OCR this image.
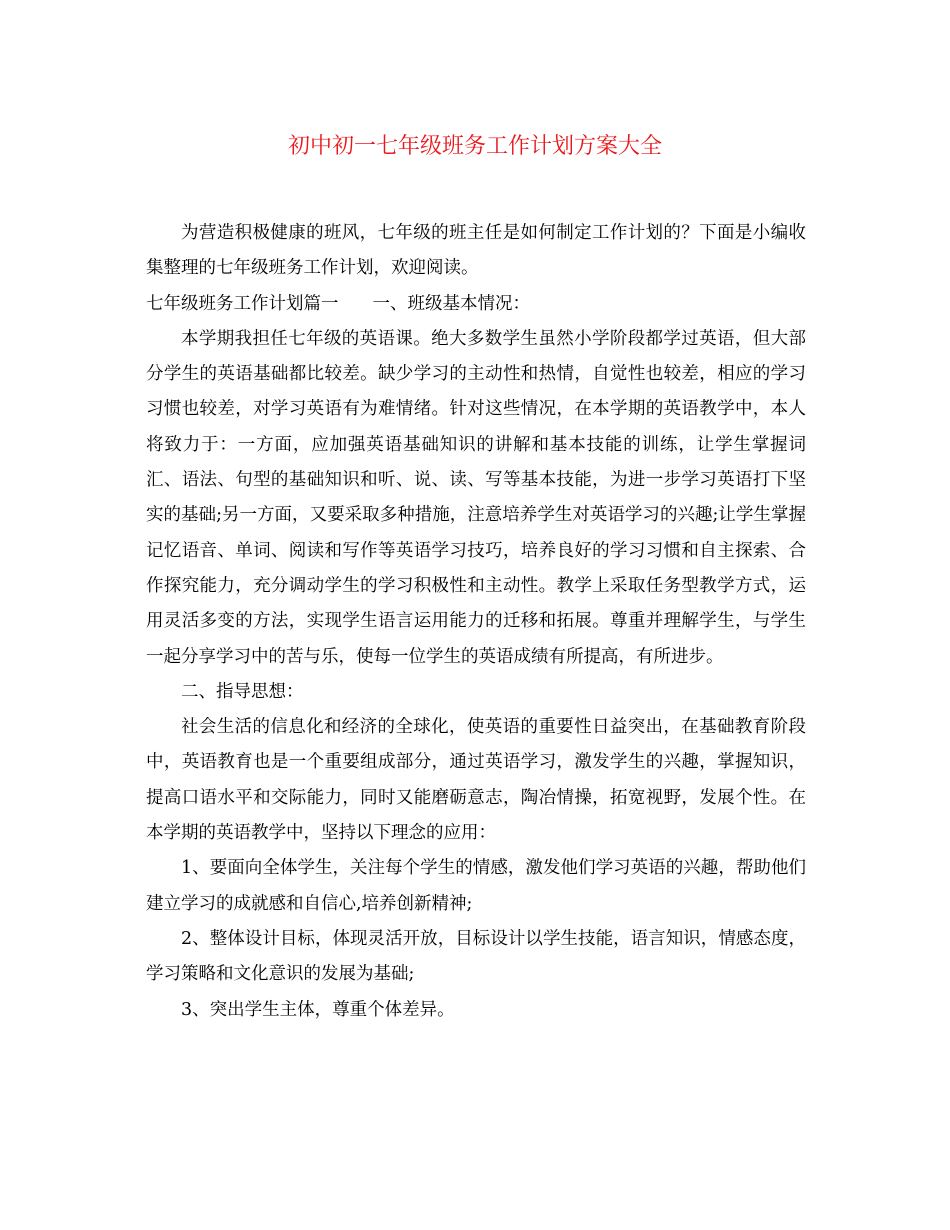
初中初一七年级班务工作计划方案大全

为营造积极健康的班风，七年级的班主任是如何制定工作计划的？下面是小编收集整理的七年级班务工作计划，欢迎阅读。

七年级班务工作计划篇一 一、班级基本情况：

本学期我担任七年级的英语课。绝大多数学生虽然小学阶段都学过英语，但大部分学生的英语基础都比较差。缺少学习的主动性和热情，自觉性也较差，相应的学习习惯也较差，对学习英语有为难情绪。针对这些情况，在本学期的英语教学中，本人将致力于：一方面，应加强英语基础知识的讲解和基本技能的训练，让学生掌握词汇、语法、句型的基础知识和听、说、读、写等基本技能，为进一步学习英语打下坚实的基础;另一方面，又要采取多种措施，注意培养学生对英语学习的兴趣;让学生掌握记忆语音、单词、阅读和写作等英语学习技巧，培养良好的学习习惯和自主探索、合作探究能力，充分调动学生的学习积极性和主动性。教学上采取任务型教学方式，运用灵活多变的方法，实现学生语言运用能力的迁移和拓展。尊重并理解学生，与学生一起分享学习中的苦与乐，使每一位学生的英语成绩有所提高，有所进步。

二、指导思想：

社会生活的信息化和经济的全球化，使英语的重要性日益突出，在基础教育阶段中，英语教育也是一个重要组成部分，通过英语学习，激发学生的兴趣，掌握知识，提高口语水平和交际能力，同时又能磨砺意志，陶冶情操，拓宽视野，发展个性。在本学期的英语教学中，坚持以下理念的应用：

1、要面向全体学生，关注每个学生的情感，激发他们学习英语的兴趣，帮助他们建立学习的成就感和自信心,培养创新精神;

2、整体设计目标，体现灵活开放，目标设计以学生技能，语言知识，情感态度，学习策略和文化意识的发展为基础;

3、突出学生主体，尊重个体差异。
